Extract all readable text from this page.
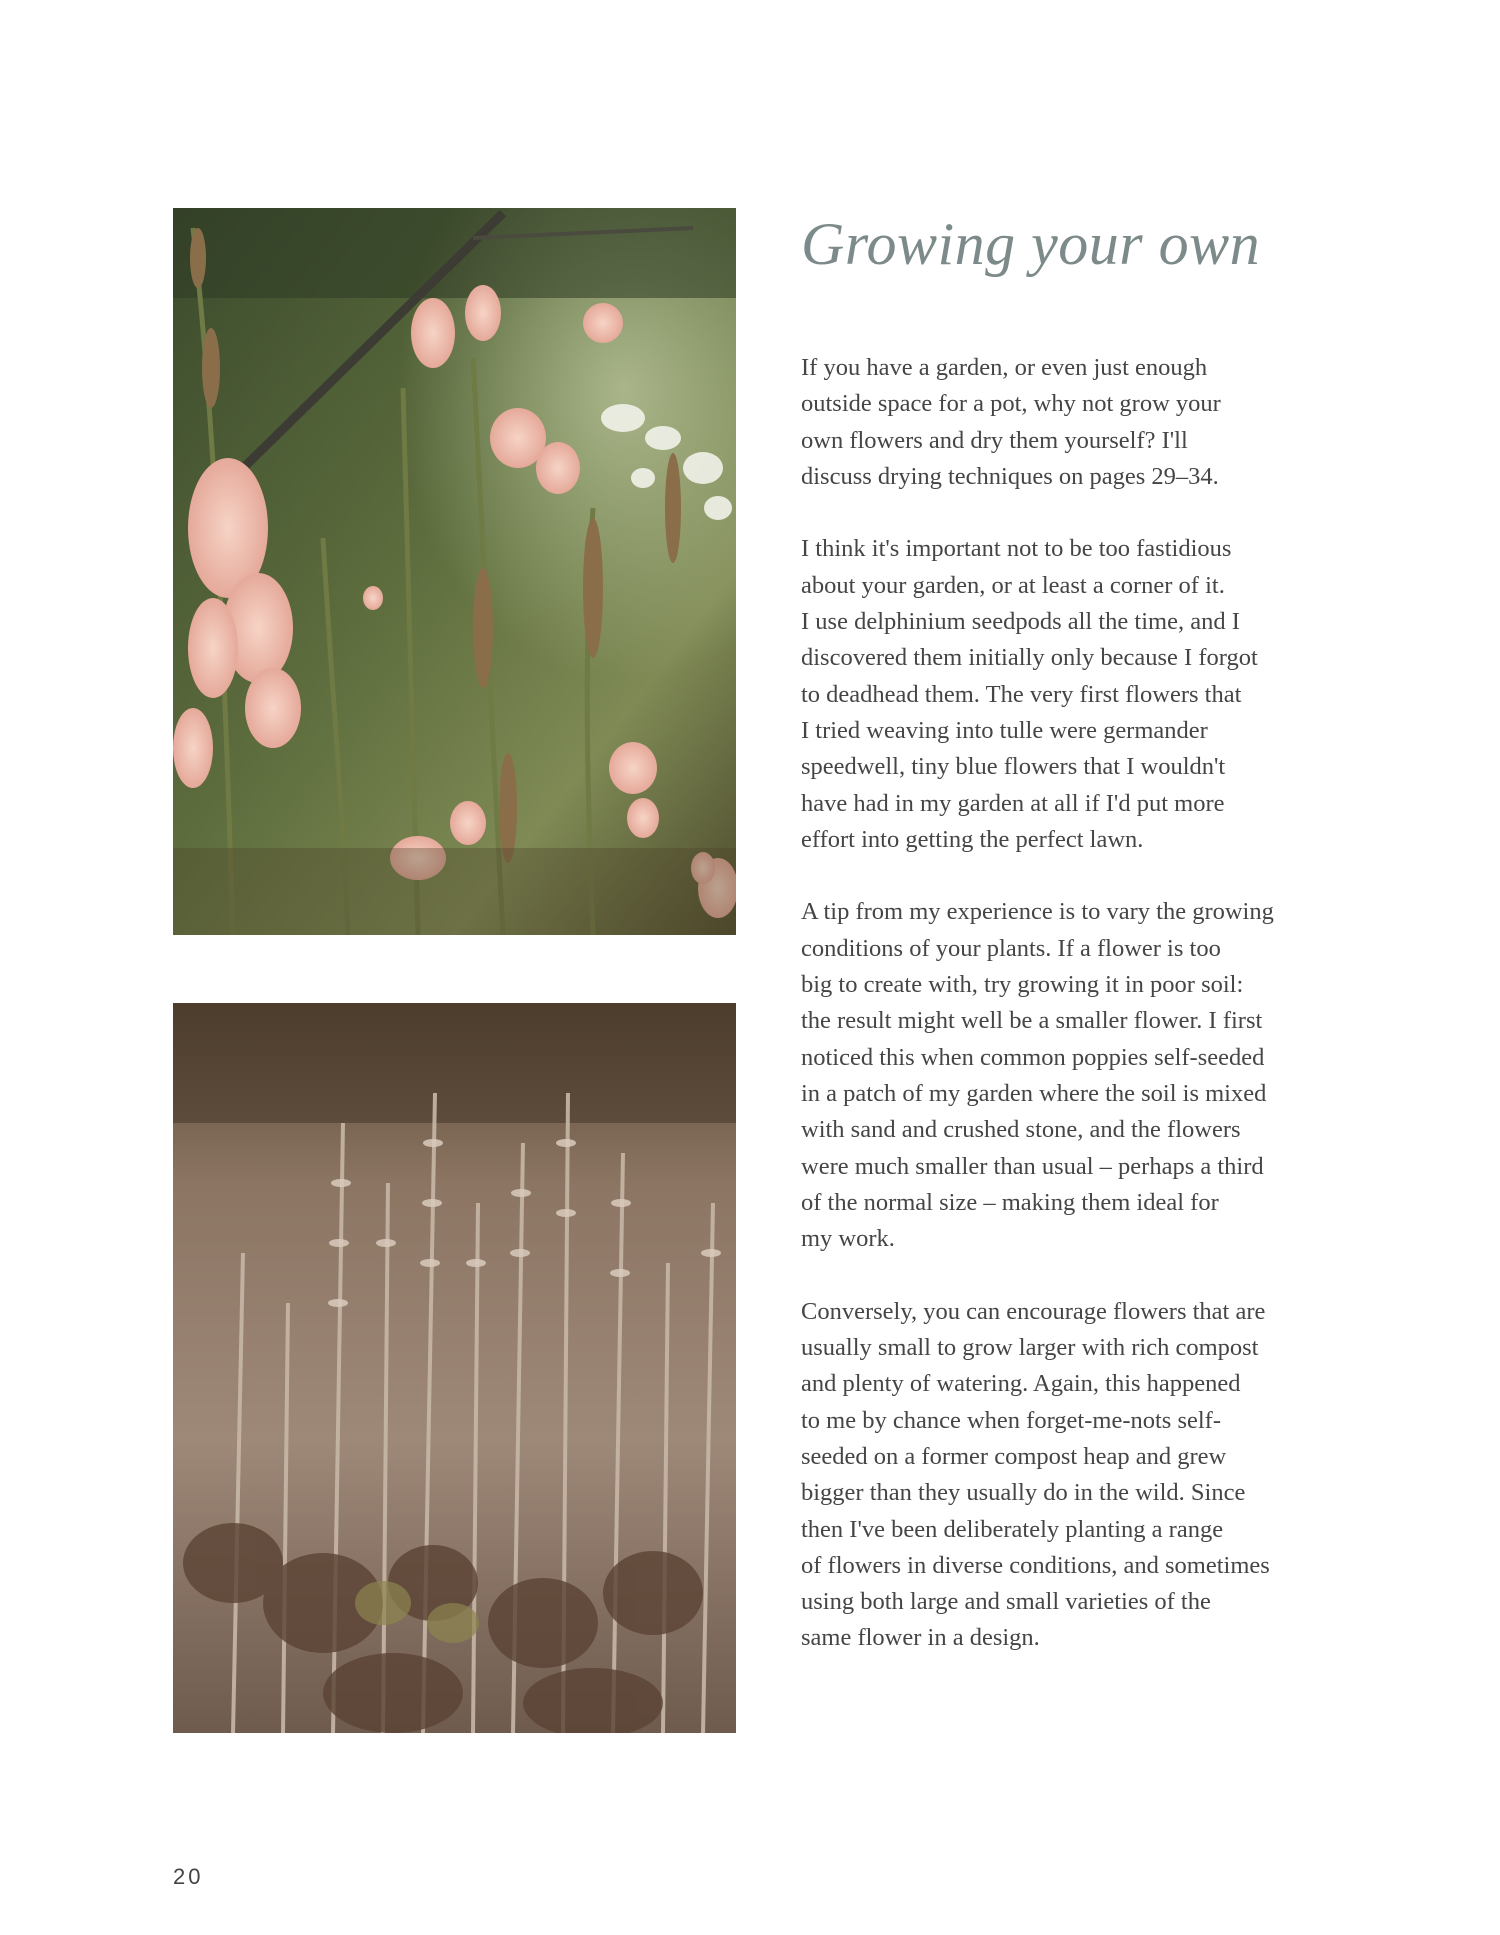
Growing your own

If you have a garden, or even just enough
outside space for a pot, why not grow your
own flowers and dry them yourself? I'll
discuss drying techniques on pages 29–34.

I think it's important not to be too fastidious
about your garden, or at least a corner of it.
I use delphinium seedpods all the time, and I
discovered them initially only because I forgot
to deadhead them. The very first flowers that
I tried weaving into tulle were germander
speedwell, tiny blue flowers that I wouldn't
have had in my garden at all if I'd put more
effort into getting the perfect lawn.

A tip from my experience is to vary the growing
conditions of your plants. If a flower is too
big to create with, try growing it in poor soil:
the result might well be a smaller flower. I first
noticed this when common poppies self-seeded
in a patch of my garden where the soil is mixed
with sand and crushed stone, and the flowers
were much smaller than usual – perhaps a third
of the normal size – making them ideal for
my work.

Conversely, you can encourage flowers that are
usually small to grow larger with rich compost
and plenty of watering. Again, this happened
to me by chance when forget-me-nots self-
seeded on a former compost heap and grew
bigger than they usually do in the wild. Since
then I've been deliberately planting a range
of flowers in diverse conditions, and sometimes
using both large and small varieties of the
same flower in a design.

20
